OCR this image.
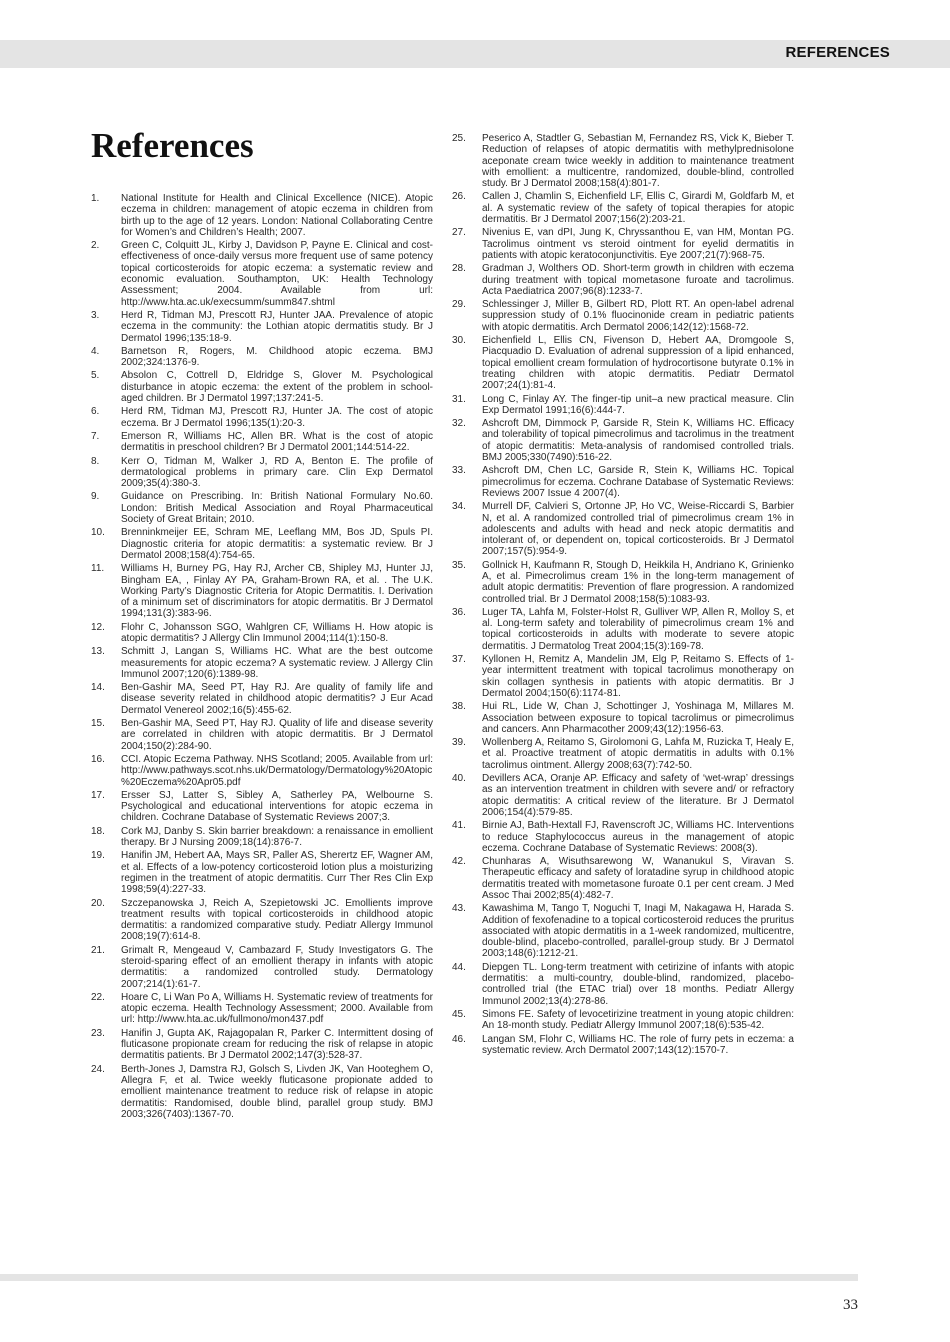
REFERENCES
References
1.	National Institute for Health and Clinical Excellence (NICE). Atopic eczema in children: management of atopic eczema in children from birth up to the age of 12 years. London: National Collaborating Centre for Women’s and Children’s Health; 2007.
2.	Green C, Colquitt JL, Kirby J, Davidson P, Payne E. Clinical and cost-effectiveness of once-daily versus more frequent use of same potency topical corticosteroids for atopic eczema: a systematic review and economic evaluation. Southampton, UK: Health Technology Assessment; 2004. Available from url: http://www.hta.ac.uk/execsumm/summ847.shtml
3.	Herd R, Tidman MJ, Prescott RJ, Hunter JAA. Prevalence of atopic eczema in the community: the Lothian atopic dermatitis study. Br J Dermatol 1996;135:18-9.
4.	Barnetson R, Rogers, M. Childhood atopic eczema. BMJ 2002;324:1376-9.
5.	Absolon C, Cottrell D, Eldridge S, Glover M. Psychological disturbance in atopic eczema: the extent of the problem in school-aged children. Br J Dermatol 1997;137:241-5.
6.	Herd RM, Tidman MJ, Prescott RJ, Hunter JA. The cost of atopic eczema. Br J Dermatol 1996;135(1):20-3.
7.	Emerson R, Williams HC, Allen BR. What is the cost of atopic dermatitis in preschool children? Br J Dermatol 2001;144:514-22.
8.	Kerr O, Tidman M, Walker J, RD A, Benton E. The profile of dermatological problems in primary care. Clin Exp Dermatol 2009;35(4):380-3.
9.	Guidance on Prescribing. In: British National Formulary No.60. London: British Medical Association and Royal Pharmaceutical Society of Great Britain; 2010.
10.	Brenninkmeijer EE, Schram ME, Leeflang MM, Bos JD, Spuls PI. Diagnostic criteria for atopic dermatitis: a systematic review. Br J Dermatol 2008;158(4):754-65.
11.	Williams H, Burney PG, Hay RJ, Archer CB, Shipley MJ, Hunter JJ, Bingham EA, , Finlay AY PA, Graham-Brown RA, et al. . The U.K. Working Party’s Diagnostic Criteria for Atopic Dermatitis. I. Derivation of a minimum set of discriminators for atopic dermatitis. Br J Dermatol 1994;131(3):383-96.
12.	Flohr C, Johansson SGO, Wahlgren CF, Williams H. How atopic is atopic dermatitis? J Allergy Clin Immunol 2004;114(1):150-8.
13.	Schmitt J, Langan S, Williams HC. What are the best outcome measurements for atopic eczema? A systematic review. J Allergy Clin Immunol 2007;120(6):1389-98.
14.	Ben-Gashir MA, Seed PT, Hay RJ. Are quality of family life and disease severity related in childhood atopic dermatitis? J Eur Acad Dermatol Venereol 2002;16(5):455-62.
15.	Ben-Gashir MA, Seed PT, Hay RJ. Quality of life and disease severity are correlated in children with atopic dermatitis. Br J Dermatol 2004;150(2):284-90.
16.	CCI. Atopic Eczema Pathway. NHS Scotland; 2005. Available from url: http://www.pathways.scot.nhs.uk/Dermatology/Dermatology%20Atopic%20Eczema%20Apr05.pdf
17.	Ersser SJ, Latter S, Sibley A, Satherley PA, Welbourne S. Psychological and educational interventions for atopic eczema in children. Cochrane Database of Systematic Reviews 2007;3.
18.	Cork MJ, Danby S. Skin barrier breakdown: a renaissance in emollient therapy. Br J Nursing 2009;18(14):876-7.
19.	Hanifin JM, Hebert AA, Mays SR, Paller AS, Sherertz EF, Wagner AM, et al. Effects of a low-potency corticosteroid lotion plus a moisturizing regimen in the treatment of atopic dermatitis. Curr Ther Res Clin Exp 1998;59(4):227-33.
20.	Szczepanowska J, Reich A, Szepietowski JC. Emollients improve treatment results with topical corticosteroids in childhood atopic dermatitis: a randomized comparative study. Pediatr Allergy Immunol 2008;19(7):614-8.
21.	Grimalt R, Mengeaud V, Cambazard F, Study Investigators G. The steroid-sparing effect of an emollient therapy in infants with atopic dermatitis: a randomized controlled study. Dermatology 2007;214(1):61-7.
22.	Hoare C, Li Wan Po A, Williams H. Systematic review of treatments for atopic eczema. Health Technology Assessment; 2000. Available from url: http://www.hta.ac.uk/fullmono/mon437.pdf
23.	Hanifin J, Gupta AK, Rajagopalan R, Parker C. Intermittent dosing of fluticasone propionate cream for reducing the risk of relapse in atopic dermatitis patients. Br J Dermatol 2002;147(3):528-37.
24.	Berth-Jones J, Damstra RJ, Golsch S, Livden JK, Van Hooteghem O, Allegra F, et al. Twice weekly fluticasone propionate added to emollient maintenance treatment to reduce risk of relapse in atopic dermatitis: Randomised, double blind, parallel group study. BMJ 2003;326(7403):1367-70.
25.	Peserico A, Stadtler G, Sebastian M, Fernandez RS, Vick K, Bieber T. Reduction of relapses of atopic dermatitis with methylprednisolone aceponate cream twice weekly in addition to maintenance treatment with emollient: a multicentre, randomized, double-blind, controlled study. Br J Dermatol 2008;158(4):801-7.
26.	Callen J, Chamlin S, Eichenfield LF, Ellis C, Girardi M, Goldfarb M, et al. A systematic review of the safety of topical therapies for atopic dermatitis. Br J Dermatol 2007;156(2):203-21.
27.	Nivenius E, van dPI, Jung K, Chryssanthou E, van HM, Montan PG. Tacrolimus ointment vs steroid ointment for eyelid dermatitis in patients with atopic keratoconjunctivitis. Eye 2007;21(7):968-75.
28.	Gradman J, Wolthers OD. Short-term growth in children with eczema during treatment with topical mometasone furoate and tacrolimus. Acta Paediatrica 2007;96(8):1233-7.
29.	Schlessinger J, Miller B, Gilbert RD, Plott RT. An open-label adrenal suppression study of 0.1% fluocinonide cream in pediatric patients with atopic dermatitis. Arch Dermatol 2006;142(12):1568-72.
30.	Eichenfield L, Ellis CN, Fivenson D, Hebert AA, Dromgoole S, Piacquadio D. Evaluation of adrenal suppression of a lipid enhanced, topical emollient cream formulation of hydrocortisone butyrate 0.1% in treating children with atopic dermatitis. Pediatr Dermatol 2007;24(1):81-4.
31.	Long C, Finlay AY. The finger-tip unit–a new practical measure. Clin Exp Dermatol 1991;16(6):444-7.
32.	Ashcroft DM, Dimmock P, Garside R, Stein K, Williams HC. Efficacy and tolerability of topical pimecrolimus and tacrolimus in the treatment of atopic dermatitis: Meta-analysis of randomised controlled trials. BMJ 2005;330(7490):516-22.
33.	Ashcroft DM, Chen LC, Garside R, Stein K, Williams HC. Topical pimecrolimus for eczema. Cochrane Database of Systematic Reviews: Reviews 2007 Issue 4 2007(4).
34.	Murrell DF, Calvieri S, Ortonne JP, Ho VC, Weise-Riccardi S, Barbier N, et al. A randomized controlled trial of pimecrolimus cream 1% in adolescents and adults with head and neck atopic dermatitis and intolerant of, or dependent on, topical corticosteroids. Br J Dermatol 2007;157(5):954-9.
35.	Gollnick H, Kaufmann R, Stough D, Heikkila H, Andriano K, Grinienko A, et al. Pimecrolimus cream 1% in the long-term management of adult atopic dermatitis: Prevention of flare progression. A randomized controlled trial. Br J Dermatol 2008;158(5):1083-93.
36.	Luger TA, Lahfa M, Folster-Holst R, Gulliver WP, Allen R, Molloy S, et al. Long-term safety and tolerability of pimecrolimus cream 1% and topical corticosteroids in adults with moderate to severe atopic dermatitis. J Dermatolog Treat 2004;15(3):169-78.
37.	Kyllonen H, Remitz A, Mandelin JM, Elg P, Reitamo S. Effects of 1-year intermittent treatment with topical tacrolimus monotherapy on skin collagen synthesis in patients with atopic dermatitis. Br J Dermatol 2004;150(6):1174-81.
38.	Hui RL, Lide W, Chan J, Schottinger J, Yoshinaga M, Millares M. Association between exposure to topical tacrolimus or pimecrolimus and cancers. Ann Pharmacother 2009;43(12):1956-63.
39.	Wollenberg A, Reitamo S, Girolomoni G, Lahfa M, Ruzicka T, Healy E, et al. Proactive treatment of atopic dermatitis in adults with 0.1% tacrolimus ointment. Allergy 2008;63(7):742-50.
40.	Devillers ACA, Oranje AP. Efficacy and safety of ‘wet-wrap’ dressings as an intervention treatment in children with severe and/ or refractory atopic dermatitis: A critical review of the literature. Br J Dermatol 2006;154(4):579-85.
41.	Birnie AJ, Bath-Hextall FJ, Ravenscroft JC, Williams HC. Interventions to reduce Staphylococcus aureus in the management of atopic eczema. Cochrane Database of Systematic Reviews: 2008(3).
42.	Chunharas A, Wisuthsarewong W, Wananukul S, Viravan S. Therapeutic efficacy and safety of loratadine syrup in childhood atopic dermatitis treated with mometasone furoate 0.1 per cent cream. J Med Assoc Thai 2002;85(4):482-7.
43.	Kawashima M, Tango T, Noguchi T, Inagi M, Nakagawa H, Harada S. Addition of fexofenadine to a topical corticosteroid reduces the pruritus associated with atopic dermatitis in a 1-week randomized, multicentre, double-blind, placebo-controlled, parallel-group study. Br J Dermatol 2003;148(6):1212-21.
44.	Diepgen TL. Long-term treatment with cetirizine of infants with atopic dermatitis: a multi-country, double-blind, randomized, placebo-controlled trial (the ETAC trial) over 18 months. Pediatr Allergy Immunol 2002;13(4):278-86.
45.	Simons FE. Safety of levocetirizine treatment in young atopic children: An 18-month study. Pediatr Allergy Immunol 2007;18(6):535-42.
46.	Langan SM, Flohr C, Williams HC. The role of furry pets in eczema: a systematic review. Arch Dermatol 2007;143(12):1570-7.
33
